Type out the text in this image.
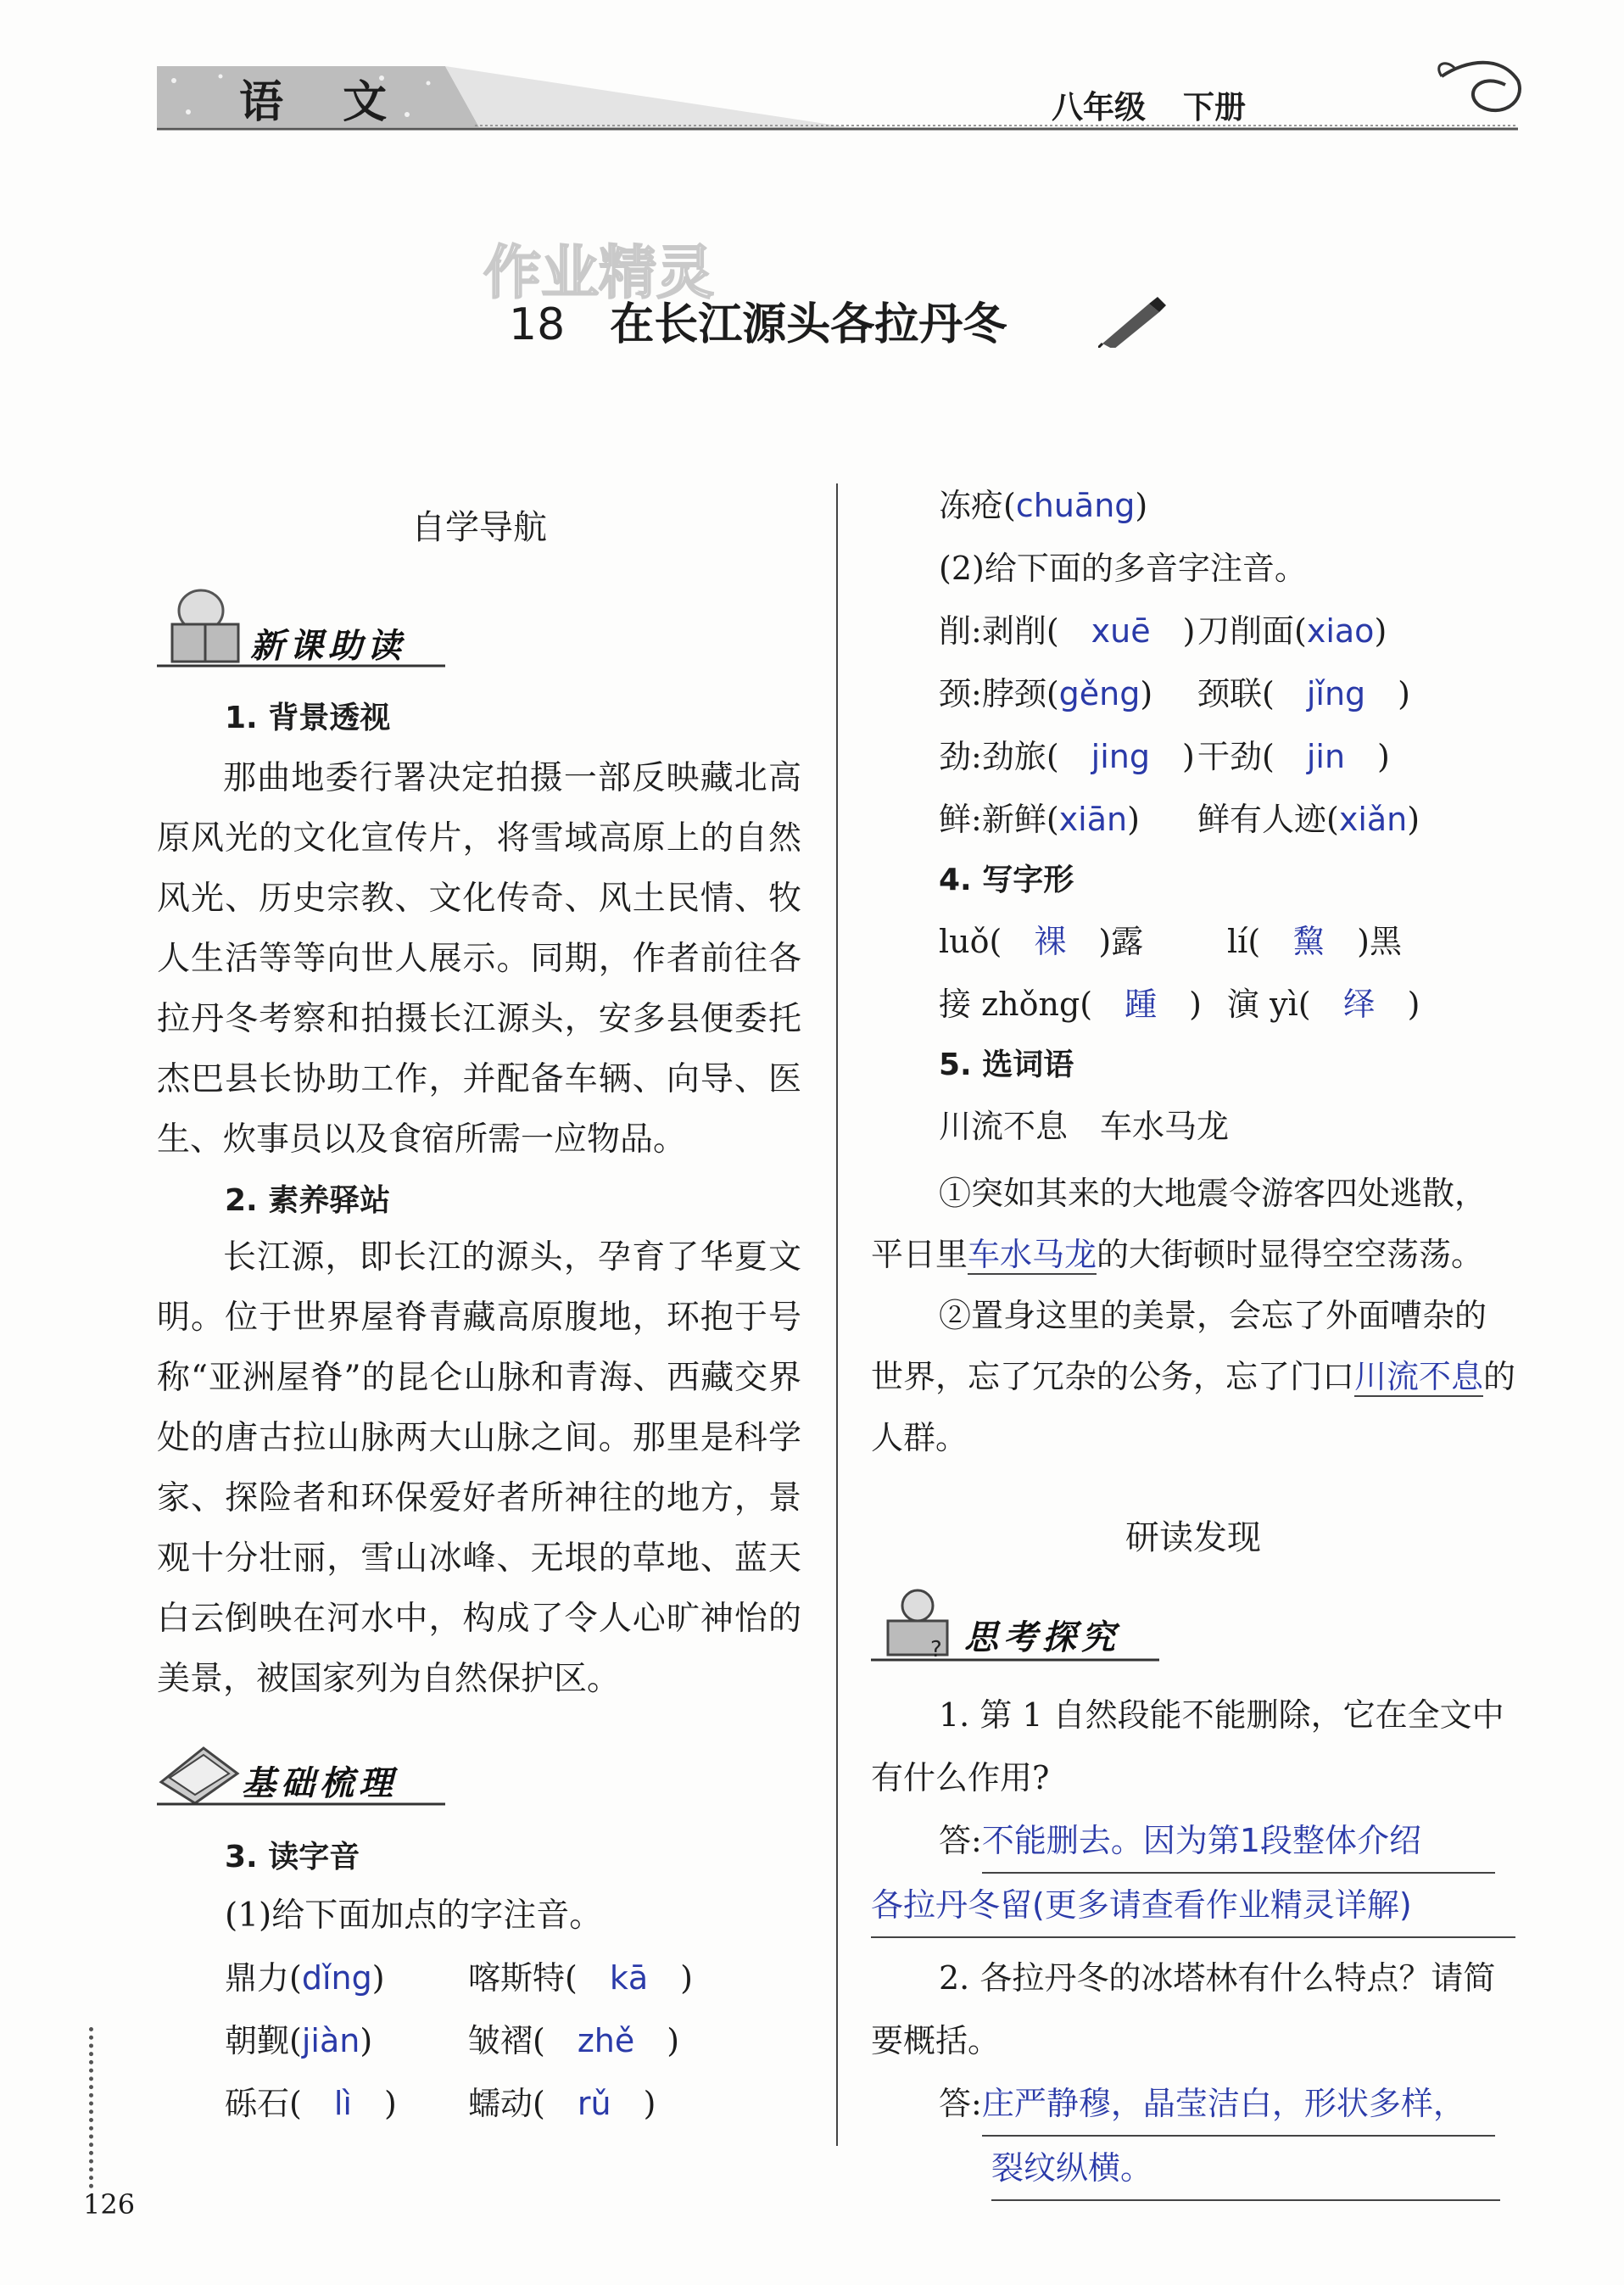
语 文	八年级 下册
作业精灵
18 在长江源头各拉丹冬
自学导航
新课助读
1. 背景透视

那曲地委行署决定拍摄一部反映藏北高原风光的文化宣传片，将雪域高原上的自然风光、历史宗教、文化传奇、风土民情、牧人生活等等向世人展示。同期，作者前往各拉丹冬考察和拍摄长江源头，安多县便委托杰巴县长协助工作，并配备车辆、向导、医生、炊事员以及食宿所需一应物品。

2. 素养驿站

长江源，即长江的源头，孕育了华夏文明。位于世界屋脊青藏高原腹地，环抱于号称“亚洲屋脊”的昆仑山脉和青海、西藏交界处的唐古拉山脉两大山脉之间。那里是科学家、探险者和环保爱好者所神往的地方，景观十分壮丽，雪山冰峰、无垠的草地、蓝天白云倒映在河水中，构成了令人心旷神怡的美景，被国家列为自然保护区。

基础梳理
3. 读字音
(1)给下面加点的字注音。
鼎力(dǐng)	喀斯特(　kā　)
朝觐(jiàn)	皱褶(　zhě　)
砾石(　lì　) 蠕动(　rǔ　)
冻疮(chuāng)
(2)给下面的多音字注音。
削:剥削(　xuē　) 刀削面(xiao)
颈:脖颈(gěng) 颈联(　jǐng　)
劲:劲旅(　jing　) 干劲(　jin　)
鲜:新鲜(xiān) 鲜有人迹(xiǎn)
4. 写字形
luǒ(　裸　)露	lí(　黧　)黑
接 zhǒng(　踵　) 演 yì(　绎　)
5. 选词语
川流不息　车水马龙
①突如其来的大地震令游客四处逃散，
平日里车水马龙的大街顿时显得空空荡荡。
②置身这里的美景，会忘了外面嘈杂的
世界，忘了冗杂的公务，忘了门口川流不息的
人群。
研读发现
? 思考探究
1. 第 1 自然段能不能删除，它在全文中
有什么作用?
答:不能删去。因为第1段整体介绍
各拉丹冬留(更多请查看作业精灵详解)
2. 各拉丹冬的冰塔林有什么特点？请简
要概括。
答:庄严静穆，晶莹洁白，形状多样，
裂纹纵横。
126
